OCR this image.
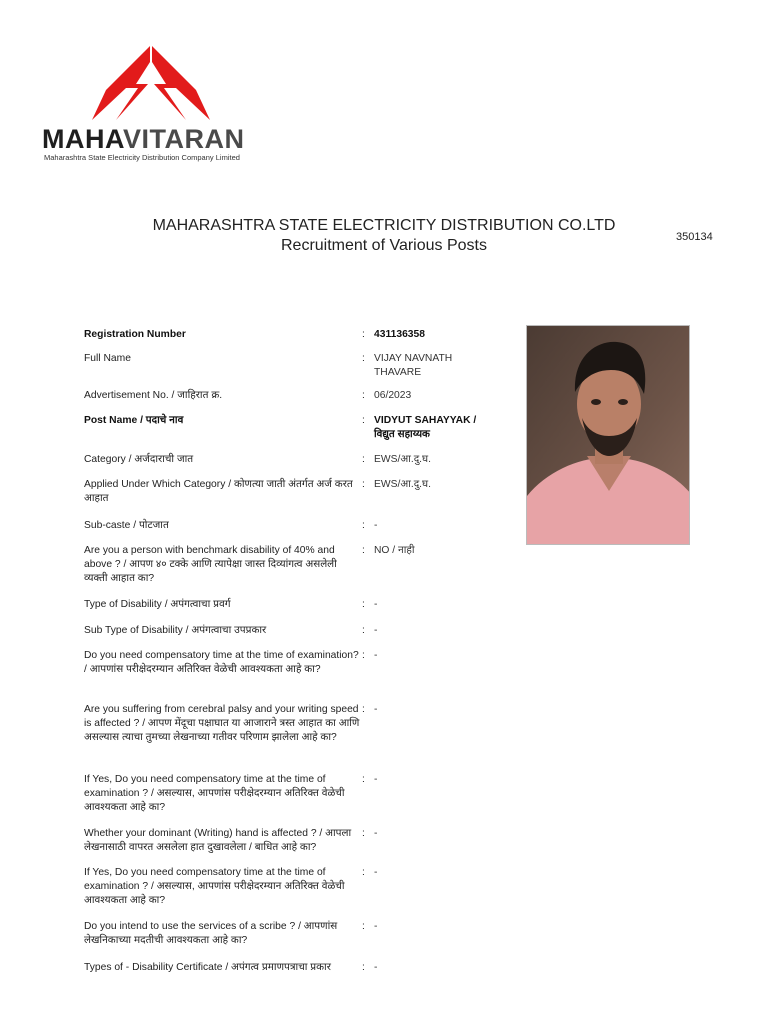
MAHAVITARAN
Maharashtra State Electricity Distribution Company Limited
MAHARASHTRA STATE ELECTRICITY DISTRIBUTION CO.LTD
Recruitment of Various Posts	350134
Registration Number	: 431136358
Full Name	: VIJAY NAVNATH THAVARE
Advertisement No. / जाहिरात क्र.	: 06/2023
Post Name / पदाचे नाव	: VIDYUT SAHAYYAK / विद्युत सहाय्यक
Category / अर्जदाराची जात	: EWS/आ.दु.घ.
Applied Under Which Category / कोणत्या जाती अंतर्गत अर्ज करत आहात
: EWS/आ.दु.घ.
Sub-caste / पोटजात	: -
Are you a person with benchmark disability of 40% and above ? / आपण ४० टक्के आणि त्यापेक्षा जास्त दिव्यांगत्व असलेली व्यक्ती आहात का?
: NO / नाही
Type of Disability / अपंगत्वाचा प्रवर्ग	: -
Sub Type of Disability / अपंगत्वाचा उपप्रकार	: -
Do you need compensatory time at the time of examination? / आपणांस परीक्षेदरम्यान अतिरिक्त वेळेची आवश्यकता आहे का?
: -
Are you suffering from cerebral palsy and your writing speed is affected ? / आपण मेंदूचा पक्षाघात या आजाराने त्रस्त आहात का आणि असल्यास त्याचा तुमच्या लेखनाच्या गतीवर परिणाम झालेला आहे का?
: -
If Yes, Do you need compensatory time at the time of examination ? / असल्यास, आपणांस परीक्षेदरम्यान अतिरिक्त वेळेची आवश्यकता आहे का?
: -
Whether your dominant (Writing) hand is affected ? / आपला लेखनासाठी वापरत असलेला हात दुखावलेला / बाधित आहे का?
: -
If Yes, Do you need compensatory time at the time of examination ? / असल्यास, आपणांस परीक्षेदरम्यान अतिरिक्त वेळेची आवश्यकता आहे का?
: -
Do you intend to use the services of a scribe ? / आपणांस लेखनिकाच्या मदतीची आवश्यकता आहे का?
: -
Types of - Disability Certificate / अपंगत्व प्रमाणपत्राचा प्रकार	: -
